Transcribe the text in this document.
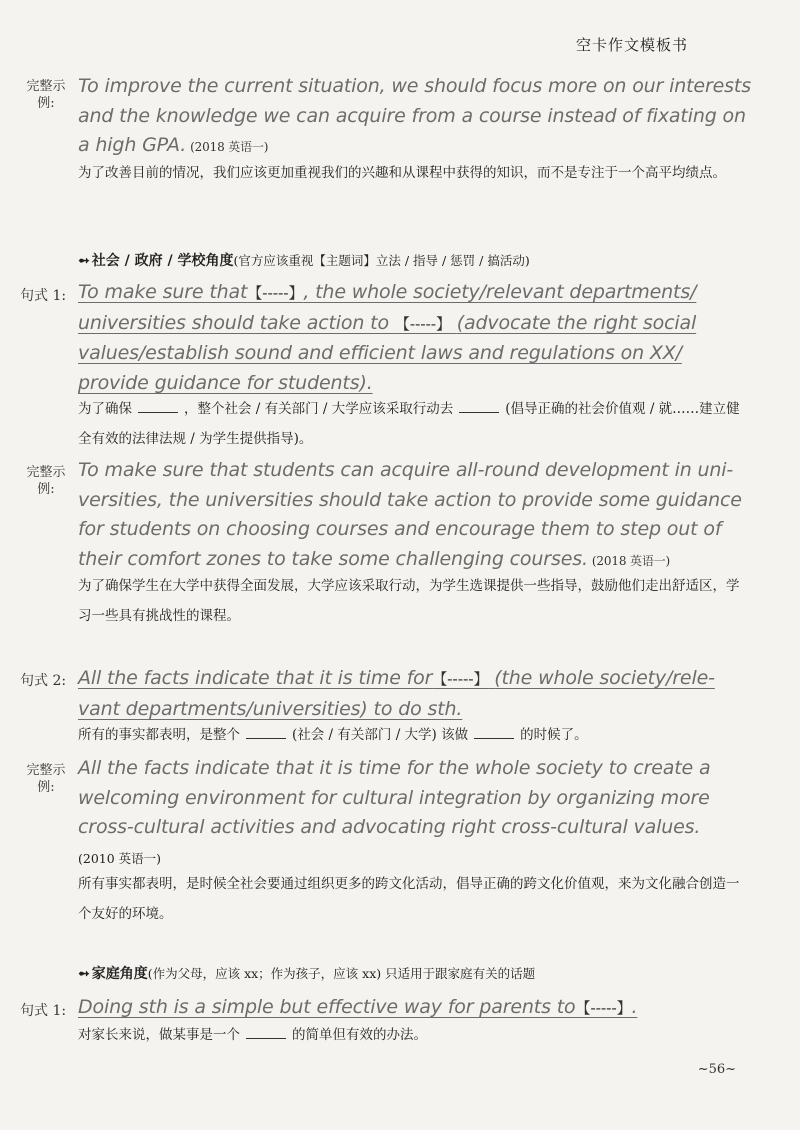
空卡作文模板书
完整示例:
To improve the current situation, we should focus more on our interests and the knowledge we can acquire from a course instead of fixating on a high GPA. (2018 英语一)
为了改善目前的情况，我们应该更加重视我们的兴趣和从课程中获得的知识，而不是专注于一个高平均绩点。
➻ 社会 / 政府 / 学校角度(官方应该重视【主题词】立法 / 指导 / 惩罚 / 搞活动)
句式 1: To make sure that【-----】, the whole society/relevant departments/ universities should take action to 【-----】 (advocate the right social values/establish sound and efficient laws and regulations on XX/ provide guidance for students).
为了确保	，整个社会 / 有关部门 / 大学应该采取行动去	(倡导正确的社会价值观 / 就……建立健全有效的法律法规 / 为学生提供指导)。
完整示例:
To make sure that students can acquire all-round development in uni- versities, the universities should take action to provide some guidance for students on choosing courses and encourage them to step out of their comfort zones to take some challenging courses. (2018 英语一)
为了确保学生在大学中获得全面发展，大学应该采取行动，为学生选课提供一些指导，鼓励他们走出舒适区，学习一些具有挑战性的课程。
句式 2: All the facts indicate that it is time for【-----】 (the whole society/rele- vant departments/universities) to do sth.
所有的事实都表明，是整个	(社会 / 有关部门 / 大学) 该做	的时候了。
完整示例:
All the facts indicate that it is time for the whole society to create a welcoming environment for cultural integration by organizing more cross-cultural activities and advocating right cross-cultural values.
(2010 英语一)
所有事实都表明，是时候全社会要通过组织更多的跨文化活动，倡导正确的跨文化价值观，来为文化融合创造一个友好的环境。
➻ 家庭角度(作为父母，应该 xx；作为孩子，应该 xx) 只适用于跟家庭有关的话题
句式 1: Doing sth is a simple but effective way for parents to【-----】.
对家长来说，做某事是一个	的简单但有效的办法。
~56~
